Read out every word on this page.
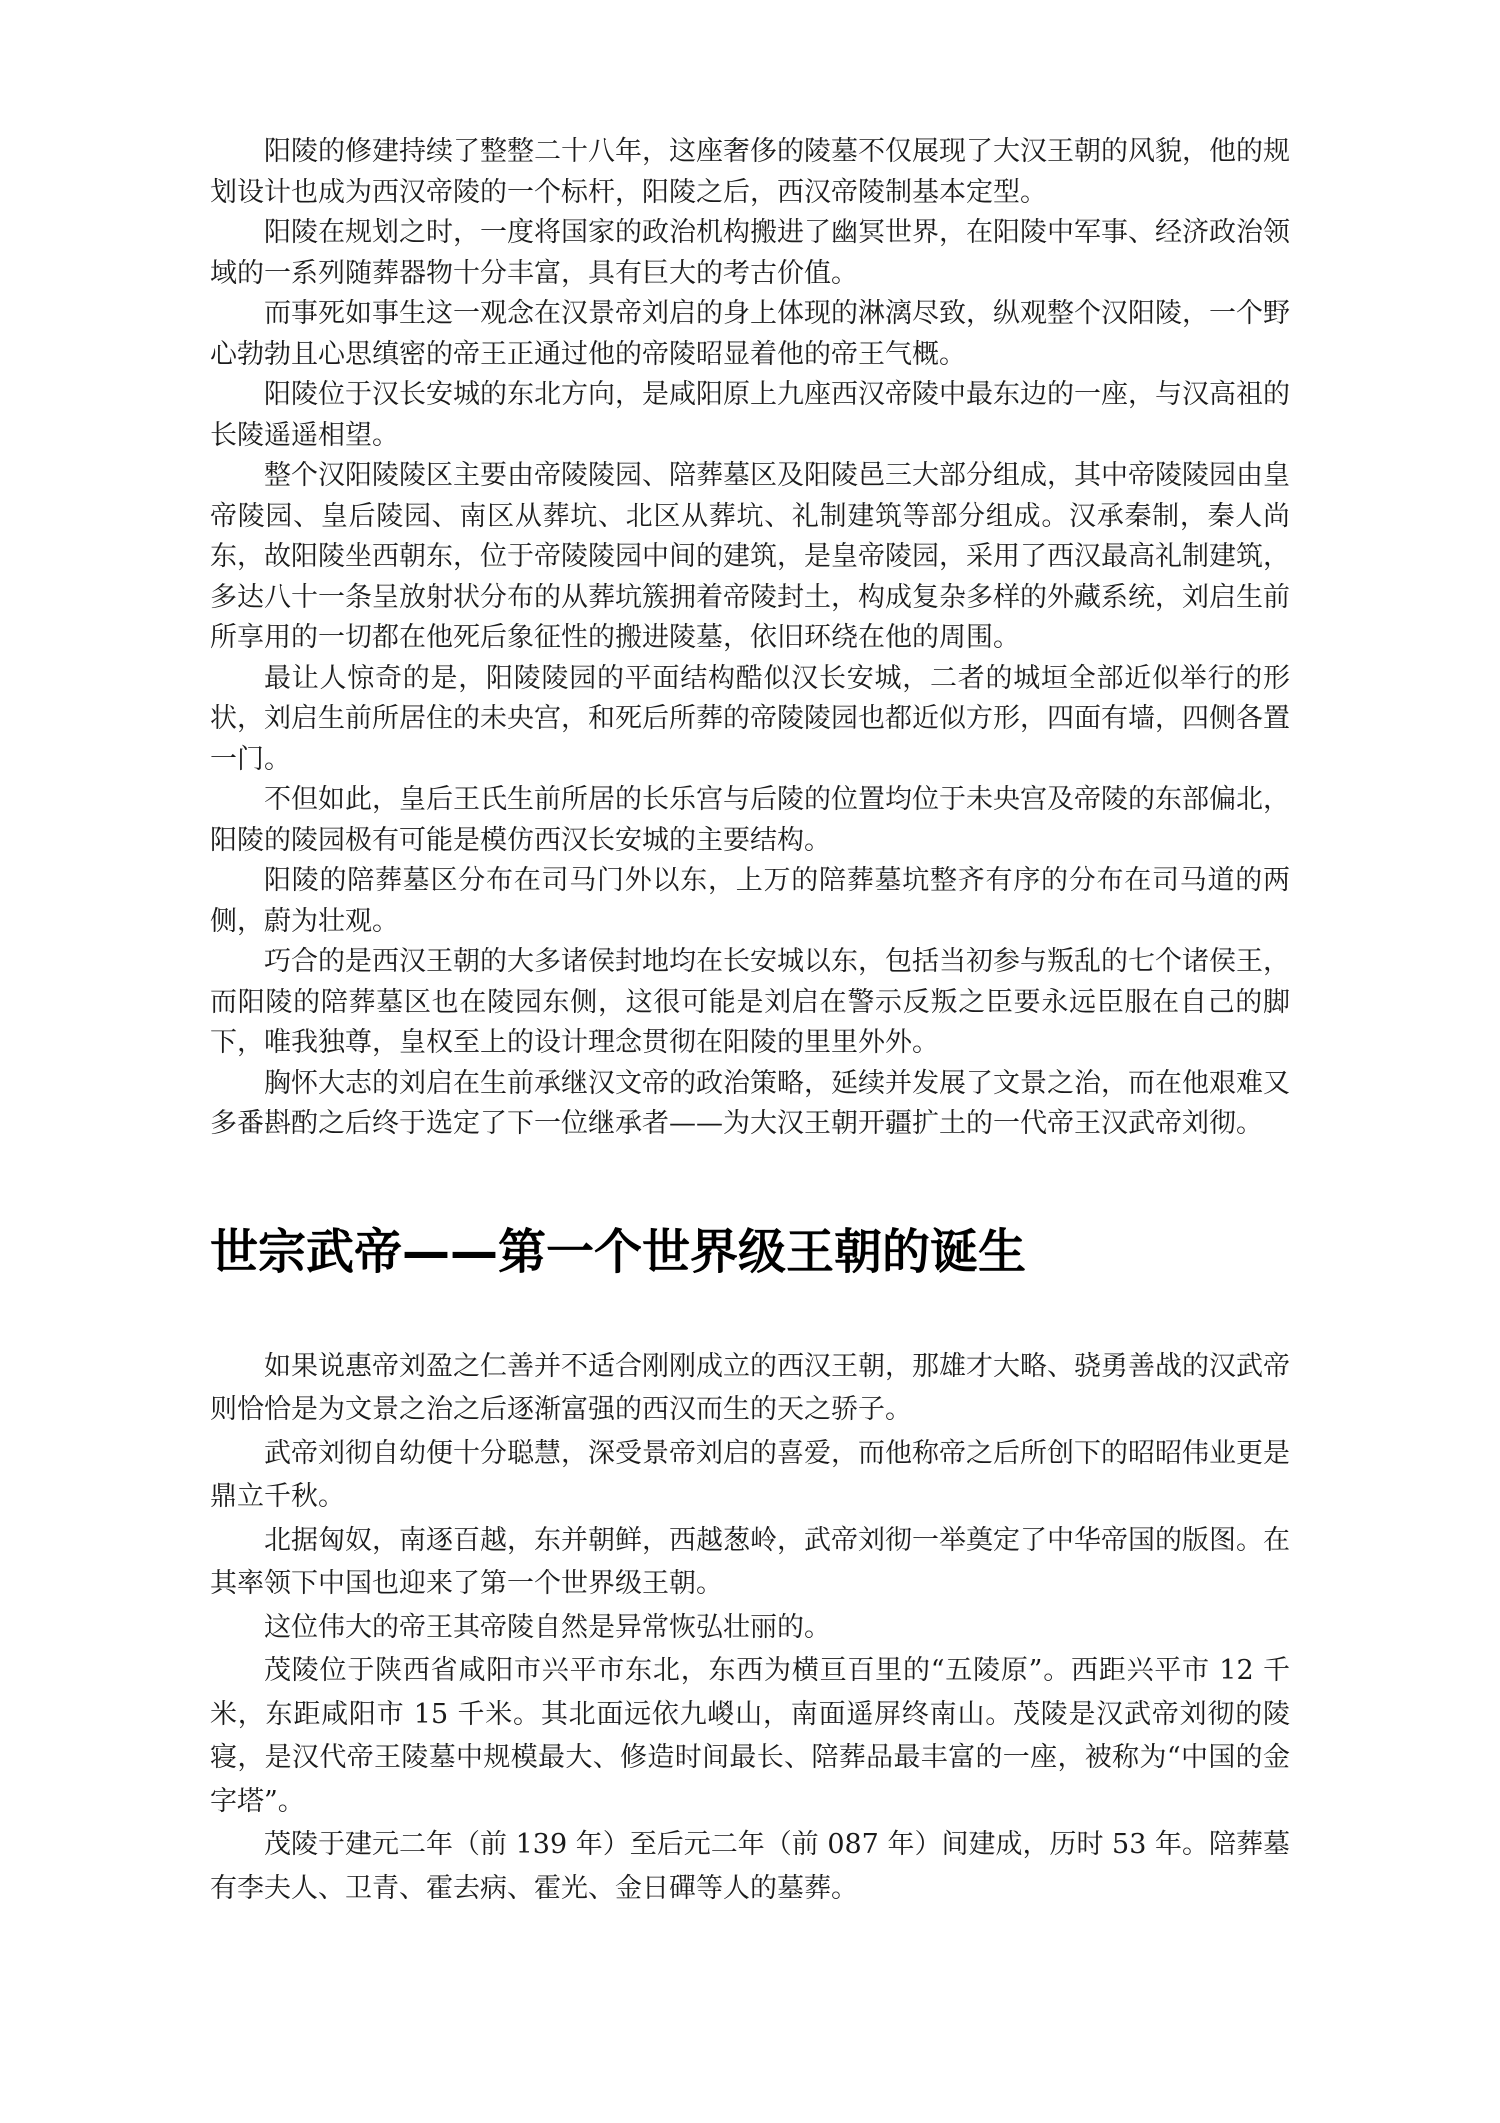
阳陵的修建持续了整整二十八年，这座奢侈的陵墓不仅展现了大汉王朝的风貌，他的规划设计也成为西汉帝陵的一个标杆，阳陵之后，西汉帝陵制基本定型。

阳陵在规划之时，一度将国家的政治机构搬进了幽冥世界，在阳陵中军事、经济政治领域的一系列随葬器物十分丰富，具有巨大的考古价值。

而事死如事生这一观念在汉景帝刘启的身上体现的淋漓尽致，纵观整个汉阳陵，一个野心勃勃且心思缜密的帝王正通过他的帝陵昭显着他的帝王气概。

阳陵位于汉长安城的东北方向，是咸阳原上九座西汉帝陵中最东边的一座，与汉高祖的长陵遥遥相望。

整个汉阳陵陵区主要由帝陵陵园、陪葬墓区及阳陵邑三大部分组成，其中帝陵陵园由皇帝陵园、皇后陵园、南区从葬坑、北区从葬坑、礼制建筑等部分组成。汉承秦制，秦人尚东，故阳陵坐西朝东，位于帝陵陵园中间的建筑，是皇帝陵园，采用了西汉最高礼制建筑，多达八十一条呈放射状分布的从葬坑簇拥着帝陵封土，构成复杂多样的外藏系统，刘启生前所享用的一切都在他死后象征性的搬进陵墓，依旧环绕在他的周围。

最让人惊奇的是，阳陵陵园的平面结构酷似汉长安城，二者的城垣全部近似举行的形状，刘启生前所居住的未央宫，和死后所葬的帝陵陵园也都近似方形，四面有墙，四侧各置一门。

不但如此，皇后王氏生前所居的长乐宫与后陵的位置均位于未央宫及帝陵的东部偏北，阳陵的陵园极有可能是模仿西汉长安城的主要结构。

阳陵的陪葬墓区分布在司马门外以东，上万的陪葬墓坑整齐有序的分布在司马道的两侧，蔚为壮观。

巧合的是西汉王朝的大多诸侯封地均在长安城以东，包括当初参与叛乱的七个诸侯王，而阳陵的陪葬墓区也在陵园东侧，这很可能是刘启在警示反叛之臣要永远臣服在自己的脚下，唯我独尊，皇权至上的设计理念贯彻在阳陵的里里外外。

胸怀大志的刘启在生前承继汉文帝的政治策略，延续并发展了文景之治，而在他艰难又多番斟酌之后终于选定了下一位继承者——为大汉王朝开疆扩土的一代帝王汉武帝刘彻。

世宗武帝——第一个世界级王朝的诞生

如果说惠帝刘盈之仁善并不适合刚刚成立的西汉王朝，那雄才大略、骁勇善战的汉武帝则恰恰是为文景之治之后逐渐富强的西汉而生的天之骄子。

武帝刘彻自幼便十分聪慧，深受景帝刘启的喜爱，而他称帝之后所创下的昭昭伟业更是鼎立千秋。

北据匈奴，南逐百越，东并朝鲜，西越葱岭，武帝刘彻一举奠定了中华帝国的版图。在其率领下中国也迎来了第一个世界级王朝。

这位伟大的帝王其帝陵自然是异常恢弘壮丽的。

茂陵位于陕西省咸阳市兴平市东北，东西为横亘百里的“五陵原”。西距兴平市 12 千米，东距咸阳市 15 千米。其北面远依九嵕山，南面遥屏终南山。茂陵是汉武帝刘彻的陵寝，是汉代帝王陵墓中规模最大、修造时间最长、陪葬品最丰富的一座，被称为“中国的金字塔”。

茂陵于建元二年（前 139 年）至后元二年（前 087 年）间建成，历时 53 年。陪葬墓有李夫人、卫青、霍去病、霍光、金日磾等人的墓葬。
